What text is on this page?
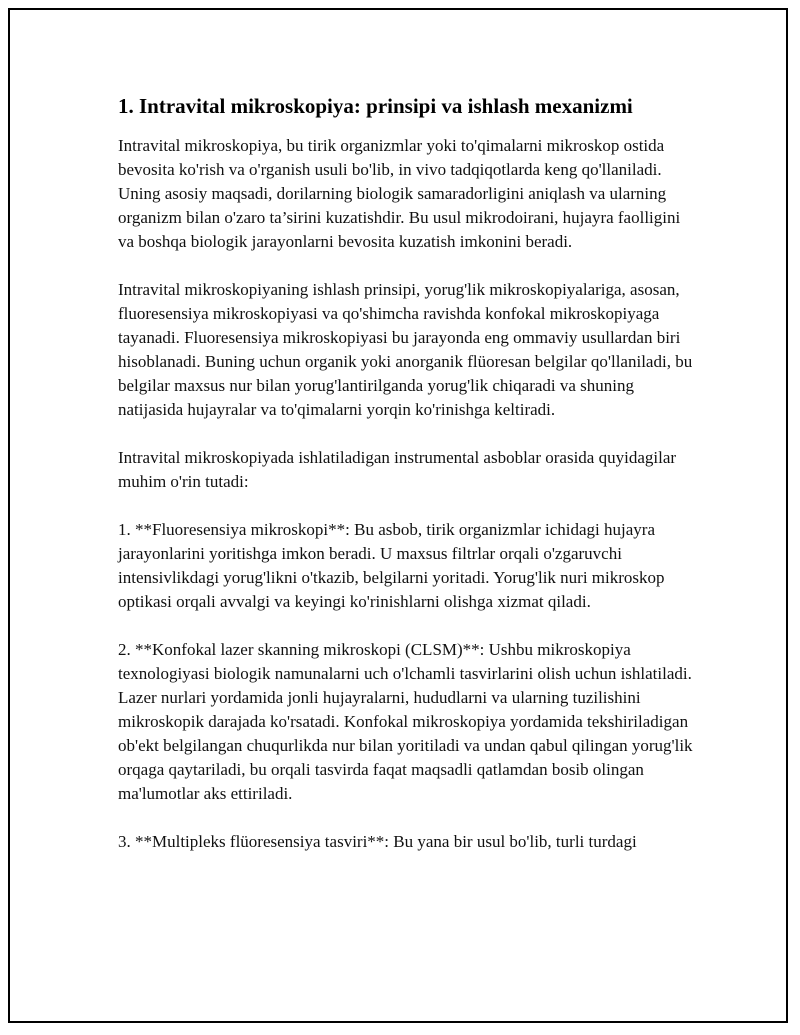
1. Intravital mikroskopiya: prinsipi va ishlash mexanizmi

Intravital mikroskopiya, bu tirik organizmlar yoki to'qimalarni mikroskop ostida bevosita ko'rish va o'rganish usuli bo'lib, in vivo tadqiqotlarda keng qo'llaniladi. Uning asosiy maqsadi, dorilarning biologik samaradorligini aniqlash va ularning organizm bilan o'zaro ta’sirini kuzatishdir. Bu usul mikrodoirani, hujayra faolligini va boshqa biologik jarayonlarni bevosita kuzatish imkonini beradi.

Intravital mikroskopiyaning ishlash prinsipi, yorug'lik mikroskopiyalariga, asosan, fluoresensiya mikroskopiyasi va qo'shimcha ravishda konfokal mikroskopiyaga tayanadi. Fluoresensiya mikroskopiyasi bu jarayonda eng ommaviy usullardan biri hisoblanadi. Buning uchun organik yoki anorganik flüoresan belgilar qo'llaniladi, bu belgilar maxsus nur bilan yorug'lantirilganda yorug'lik chiqaradi va shuning natijasida hujayralar va to'qimalarni yorqin ko'rinishga keltiradi.

Intravital mikroskopiyada ishlatiladigan instrumental asboblar orasida quyidagilar muhim o'rin tutadi:

1. **Fluoresensiya mikroskopi**: Bu asbob, tirik organizmlar ichidagi hujayra jarayonlarini yoritishga imkon beradi. U maxsus filtrlar orqali o'zgaruvchi intensivlikdagi yorug'likni o'tkazib, belgilarni yoritadi. Yorug'lik nuri mikroskop optikasi orqali avvalgi va keyingi ko'rinishlarni olishga xizmat qiladi.

2. **Konfokal lazer skanning mikroskopi (CLSM)**: Ushbu mikroskopiya texnologiyasi biologik namunalarni uch o'lchamli tasvirlarini olish uchun ishlatiladi. Lazer nurlari yordamida jonli hujayralarni, hududlarni va ularning tuzilishini mikroskopik darajada ko'rsatadi. Konfokal mikroskopiya yordamida tekshiriladigan ob'ekt belgilangan chuqurlikda nur bilan yoritiladi va undan qabul qilingan yorug'lik orqaga qaytariladi, bu orqali tasvirda faqat maqsadli qatlamdan bosib olingan ma'lumotlar aks ettiriladi.

3. **Multipleks flüoresensiya tasviri**: Bu yana bir usul bo'lib, turli turdagi
